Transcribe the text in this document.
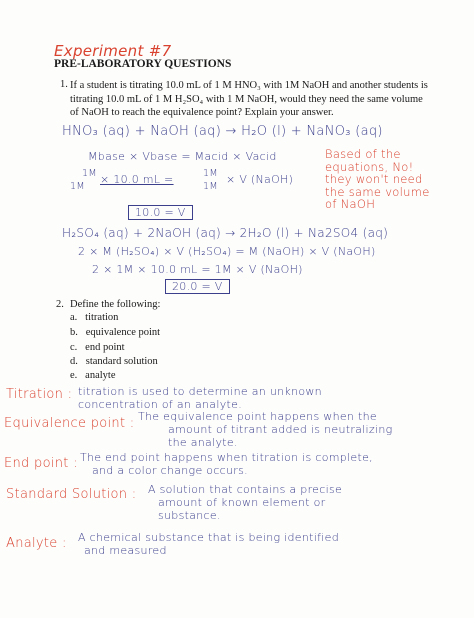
Experiment #7
PRE-LABORATORY QUESTIONS
1. If a student is titrating 10.0 mL of 1 M HNO₃ with 1M NaOH and another students is
titrating 10.0 mL of 1 M H₂SO₄ with 1 M NaOH, would they need the same volume
of NaOH to reach the equivalence point? Explain your answer.
HNO₃ (aq) + NaOH (aq) → H₂O (l) + NaNO₃ (aq)
Mbase × Vbase = Macid × Vacid
1M
1M
× 10.0 mL =	1M
1M
× V (NaOH)
10.0 = V
Based of the
equations, No!
they won't need
the same volume
of NaOH
H₂SO₄ (aq) + 2NaOH (aq) → 2H₂O (l) + Na2SO4 (aq)
2 × M (H₂SO₄) × V (H₂SO₄) = M (NaOH) × V (NaOH)
2 × 1M × 10.0 mL = 1M × V (NaOH)
20.0 = V
2. Define the following:
a. titration
b. equivalence point
c. end point
d. standard solution
e. analyte
Titration : titration is used to determine an unknown
concentration of an analyte.
Equivalence point : The equivalence point happens when the
amount of titrant added is neutralizing
the analyte.
End point : The end point happens when titration is complete,
and a color change occurs.
Standard Solution : A solution that contains a precise
amount of known element or
substance.
Analyte : A chemical substance that is being identified
and measured
